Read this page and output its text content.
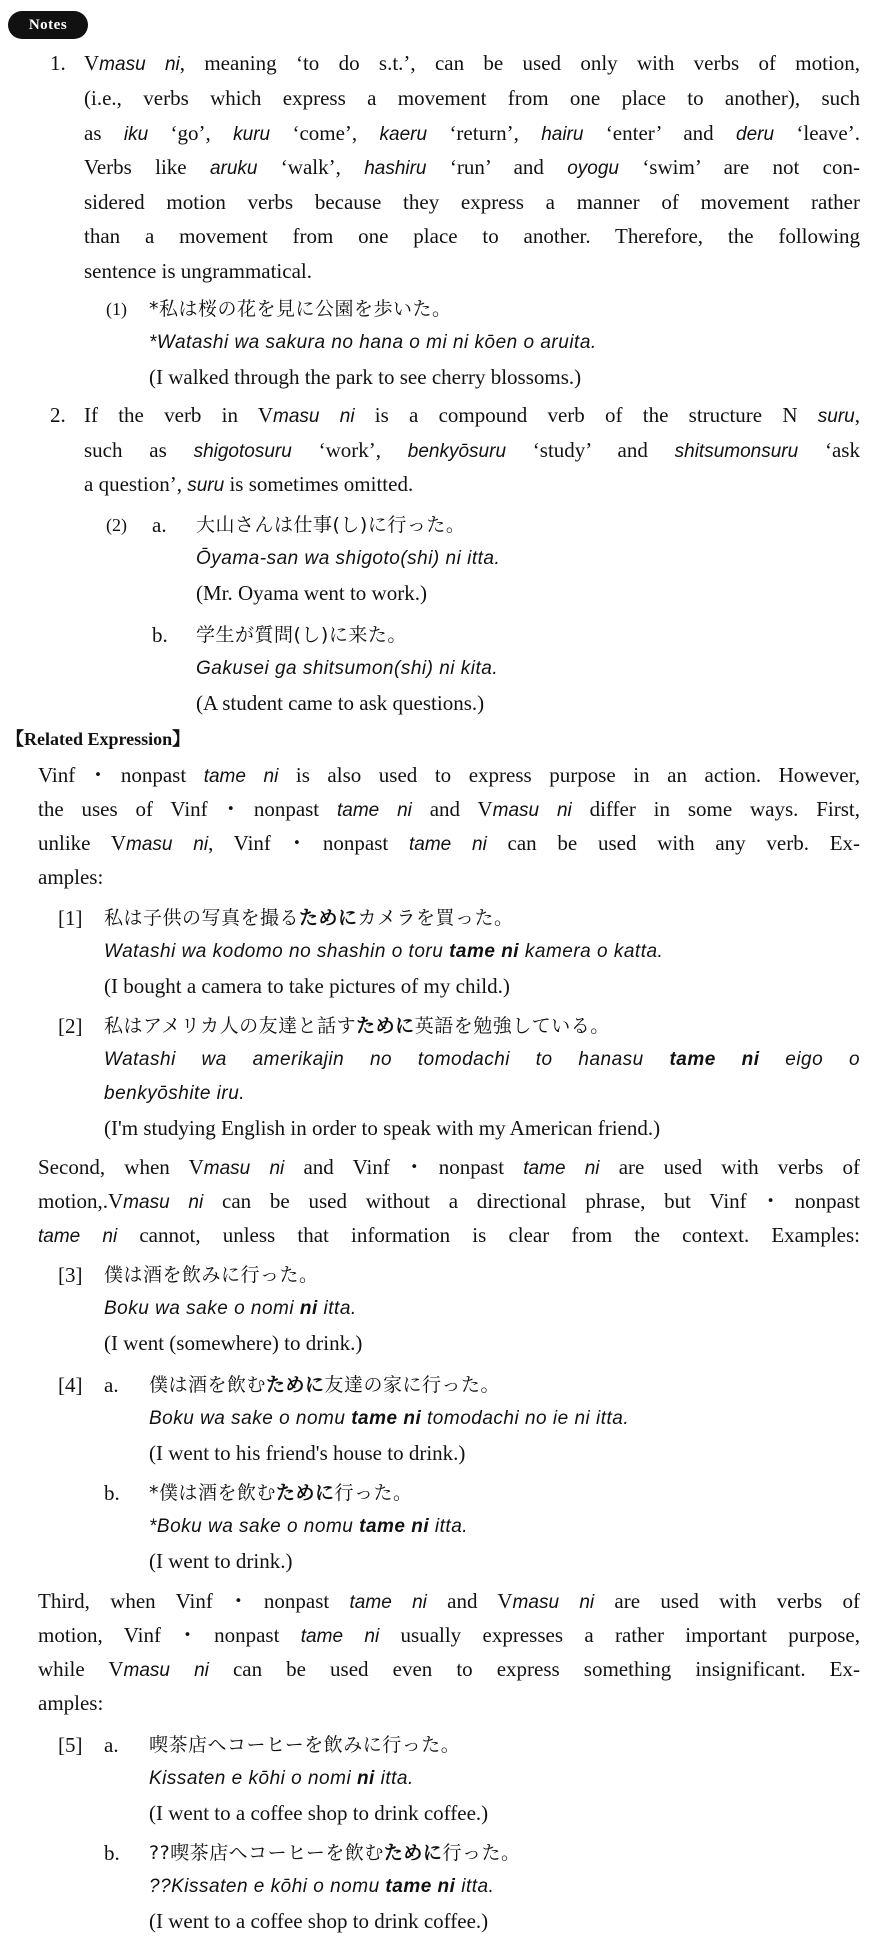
Notes
1. Vmasu ni, meaning ‘to do s.t.’, can be used only with verbs of motion,
(i.e., verbs which express a movement from one place to another), such
as iku ‘go’, kuru ‘come’, kaeru ‘return’, hairu ‘enter’ and deru ‘leave’.
Verbs like aruku ‘walk’, hashiru ‘run’ and oyogu ‘swim’ are not con-
sidered motion verbs because they express a manner of movement rather
than a movement from one place to another. Therefore, the following
sentence is ungrammatical.
(1) *私は桜の花を見に公園を歩いた。
*Watashi wa sakura no hana o mi ni kōen o aruita.
(I walked through the park to see cherry blossoms.)
2. If the verb in Vmasu ni is a compound verb of the structure N suru,
such as shigotosuru ‘work’, benkyōsuru ‘study’ and shitsumonsuru ‘ask
a question’, suru is sometimes omitted.
(2) a. 大山さんは仕事(し)に行った。
Ōyama-san wa shigoto(shi) ni itta.
(Mr. Oyama went to work.)
b. 学生が質問(し)に来た。
Gakusei ga shitsumon(shi) ni kita.
(A student came to ask questions.)
【Related Expression】
Vinf・nonpast tame ni is also used to express purpose in an action. However,
the uses of Vinf・nonpast tame ni and Vmasu ni differ in some ways. First,
unlike Vmasu ni, Vinf・nonpast tame ni can be used with any verb. Ex-
amples:
[1] 私は子供の写真を撮るためにカメラを買った。
Watashi wa kodomo no shashin o toru tame ni kamera o katta.
(I bought a camera to take pictures of my child.)
[2] 私はアメリカ人の友達と話すために英語を勉強している。
Watashi wa amerikajin no tomodachi to hanasu tame ni eigo o
benkyōshite iru.
(I'm studying English in order to speak with my American friend.)
Second, when Vmasu ni and Vinf・nonpast tame ni are used with verbs of
motion,.Vmasu ni can be used without a directional phrase, but Vinf・nonpast
tame ni cannot, unless that information is clear from the context. Examples:
[3] 僕は酒を飲みに行った。
Boku wa sake o nomi ni itta.
(I went (somewhere) to drink.)
[4] a. 僕は酒を飲むために友達の家に行った。
Boku wa sake o nomu tame ni tomodachi no ie ni itta.
(I went to his friend's house to drink.)
b. *僕は酒を飲むために行った。
*Boku wa sake o nomu tame ni itta.
(I went to drink.)
Third, when Vinf・nonpast tame ni and Vmasu ni are used with verbs of
motion, Vinf・nonpast tame ni usually expresses a rather important purpose,
while Vmasu ni can be used even to express something insignificant. Ex-
amples:
[5] a. 喫茶店へコーヒーを飲みに行った。
Kissaten e kōhi o nomi ni itta.
(I went to a coffee shop to drink coffee.)
b. ??喫茶店へコーヒーを飲むために行った。
??Kissaten e kōhi o nomu tame ni itta.
(I went to a coffee shop to drink coffee.)
